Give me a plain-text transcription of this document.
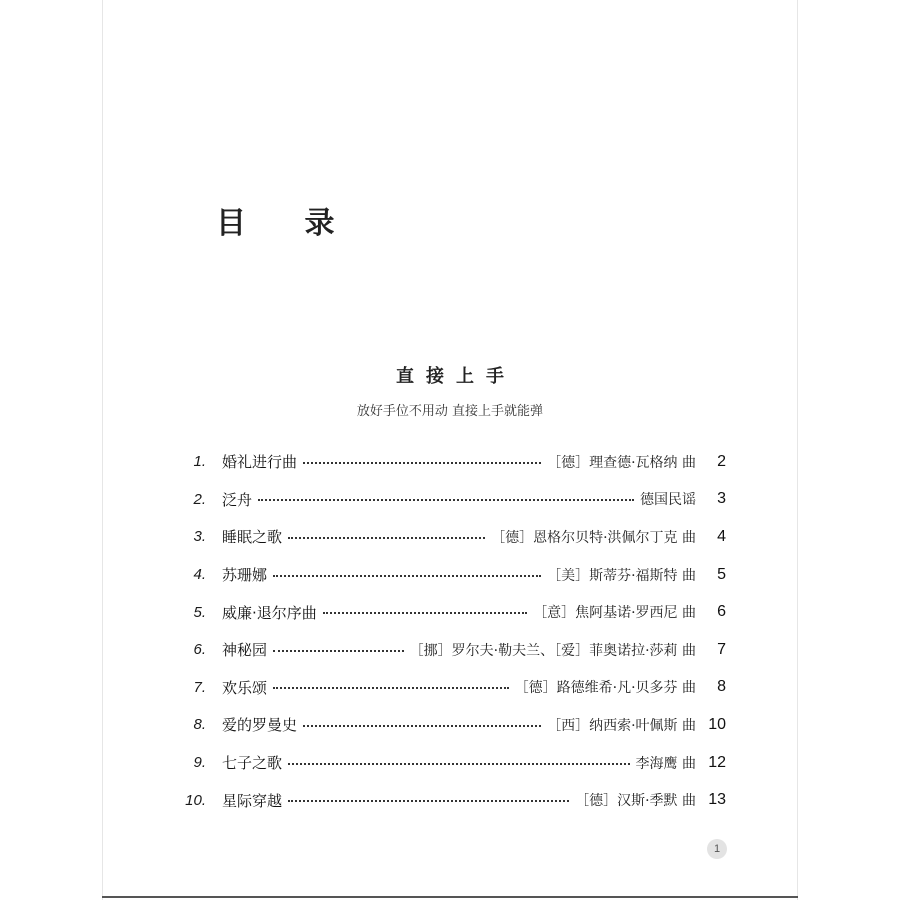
目 录
直接上手
放好手位不用动 直接上手就能弹
1. 婚礼进行曲	［德］理查德·瓦格纳 曲	2
2. 泛舟	德国民谣	3
3. 睡眠之歌	［德］恩格尔贝特·洪佩尔丁克 曲	4
4. 苏珊娜	［美］斯蒂芬·福斯特 曲	5
5. 威廉·退尔序曲	［意］焦阿基诺·罗西尼 曲	6
6. 神秘园	［挪］罗尔夫·勒夫兰、［爱］菲奥诺拉·莎莉 曲	7
7. 欢乐颂	［德］路德维希·凡·贝多芬 曲	8
8. 爱的罗曼史	［西］纳西索·叶佩斯 曲 10
9. 七子之歌	李海鹰 曲 12
10. 星际穿越	［德］汉斯·季默 曲 13
1
